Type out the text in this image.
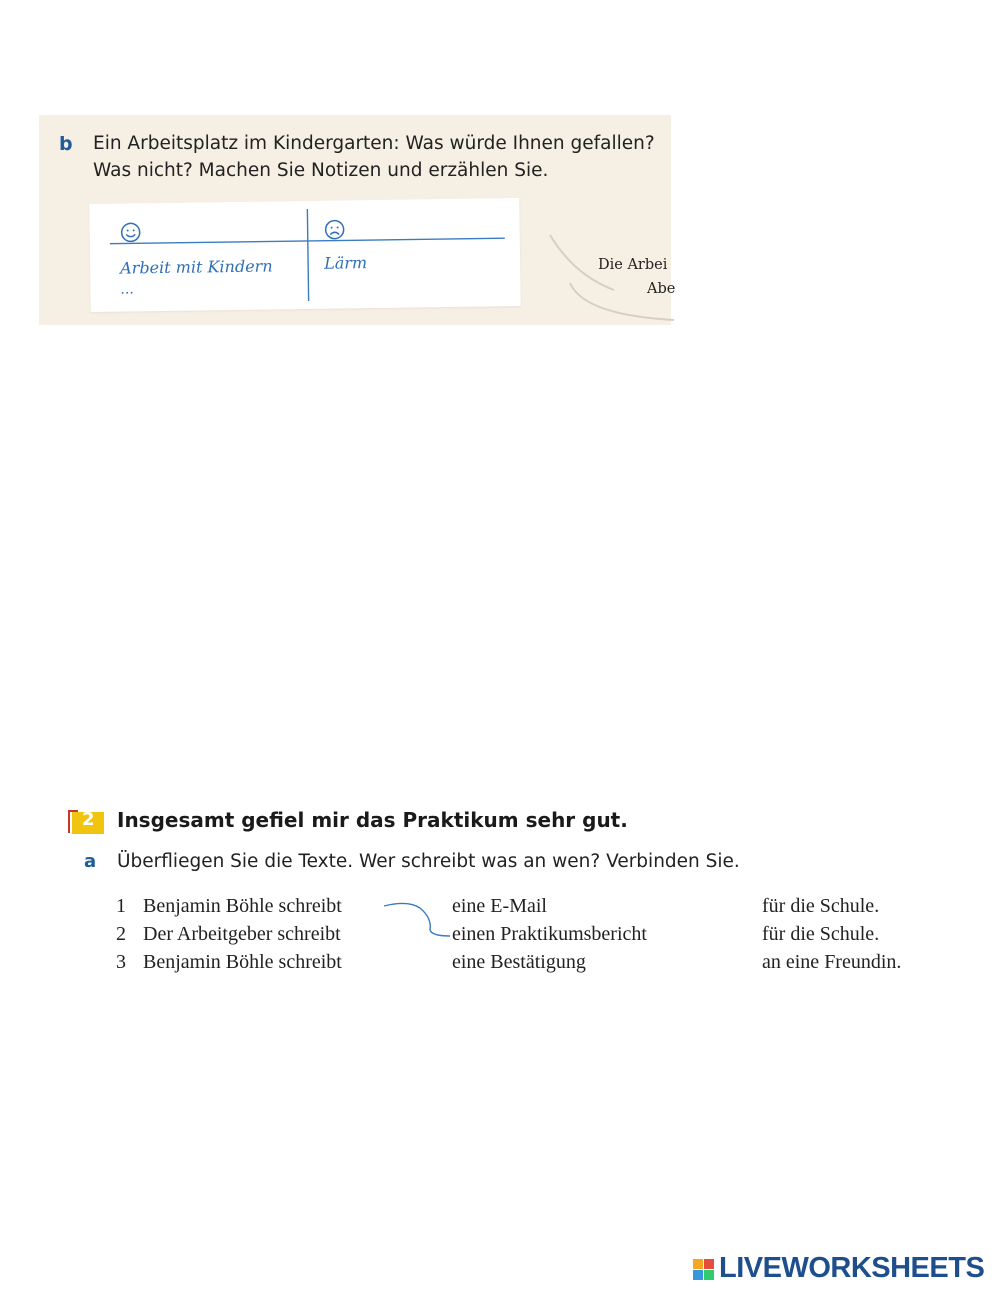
b Ein Arbeitsplatz im Kindergarten: Was würde Ihnen gefallen?
Was nicht? Machen Sie Notizen und erzählen Sie.
Arbeit mit Kindern
...
Lärm	Die Arbei
Abe
2 Insgesamt gefiel mir das Praktikum sehr gut.
a Überfliegen Sie die Texte. Wer schreibt was an wen? Verbinden Sie.
1 Benjamin Böhle schreibt	eine E-Mail	für die Schule.
2 Der Arbeitgeber schreibt	einen Praktikumsbericht	für die Schule.
3 Benjamin Böhle schreibt	eine Bestätigung	an eine Freundin.
LIVEWORKSHEETS
